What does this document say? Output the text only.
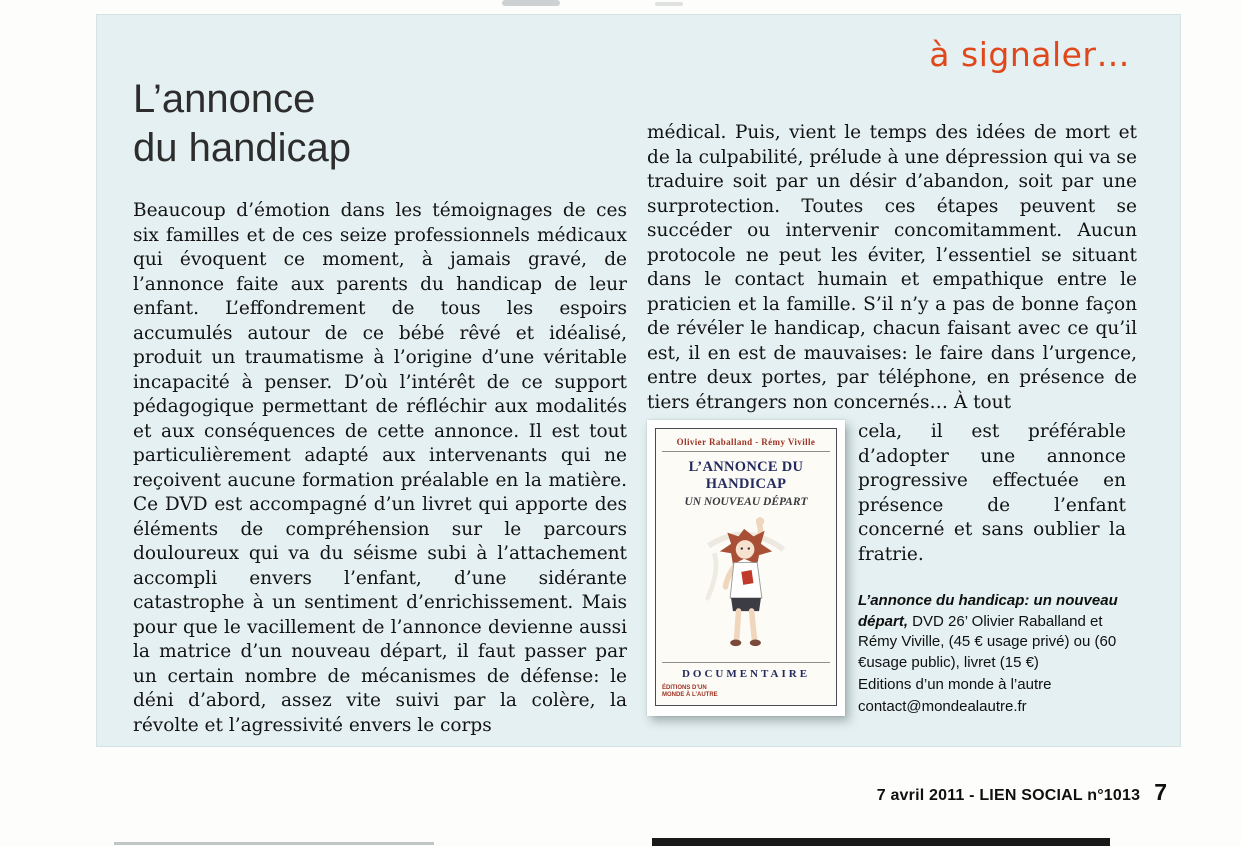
à signaler…
L’annonce
du handicap
Beaucoup d’émotion dans les témoignages de ces six familles et de ces seize professionnels médicaux qui évoquent ce moment, à jamais gravé, de l’annonce faite aux parents du handicap de leur enfant. L’effondrement de tous les espoirs accumulés autour de ce bébé rêvé et idéalisé, produit un traumatisme à l’origine d’une véritable incapacité à penser. D’où l’intérêt de ce support pédagogique permettant de réfléchir aux modalités et aux conséquences de cette annonce. Il est tout particulièrement adapté aux intervenants qui ne reçoivent aucune formation préalable en la matière. Ce DVD est accompagné d’un livret qui apporte des éléments de compréhension sur le parcours douloureux qui va du séisme subi à l’attachement accompli envers l’enfant, d’une sidérante catastrophe à un sentiment d’enrichissement. Mais pour que le vacillement de l’annonce devienne aussi la matrice d’un nouveau départ, il faut passer par un certain nombre de mécanismes de défense: le déni d’abord, assez vite suivi par la colère, la révolte et l’agressivité envers le corps

médical. Puis, vient le temps des idées de mort et de la culpabilité, prélude à une dépression qui va se traduire soit par un désir d’abandon, soit par une surprotection. Toutes ces étapes peuvent se succéder ou intervenir concomitamment. Aucun protocole ne peut les éviter, l’essentiel se situant dans le contact humain et empathique entre le praticien et la famille. S’il n’y a pas de bonne façon de révéler le handicap, chacun faisant avec ce qu’il est, il en est de mauvaises: le faire dans l’urgence, entre deux portes, par téléphone, en présence de tiers étrangers non concernés… À tout

Olivier Raballand - Rémy Viville
L’ANNONCE DU HANDICAP
UN NOUVEAU DÉPART
DOCUMENTAIRE
ÉDITIONS D’UN MONDE À L’AUTRE

cela, il est préférable d’adopter une annonce progressive effectuée en présence de l’enfant concerné et sans oublier la fratrie.

L’annonce du handicap: un nouveau départ, DVD 26’ Olivier Raballand et Rémy Viville, (45 € usage privé) ou (60 €usage public), livret (15 €)

Editions d’un monde à l’autre
contact@mondealautre.fr
7 avril 2011 - LIEN SOCIAL n°1013 7
